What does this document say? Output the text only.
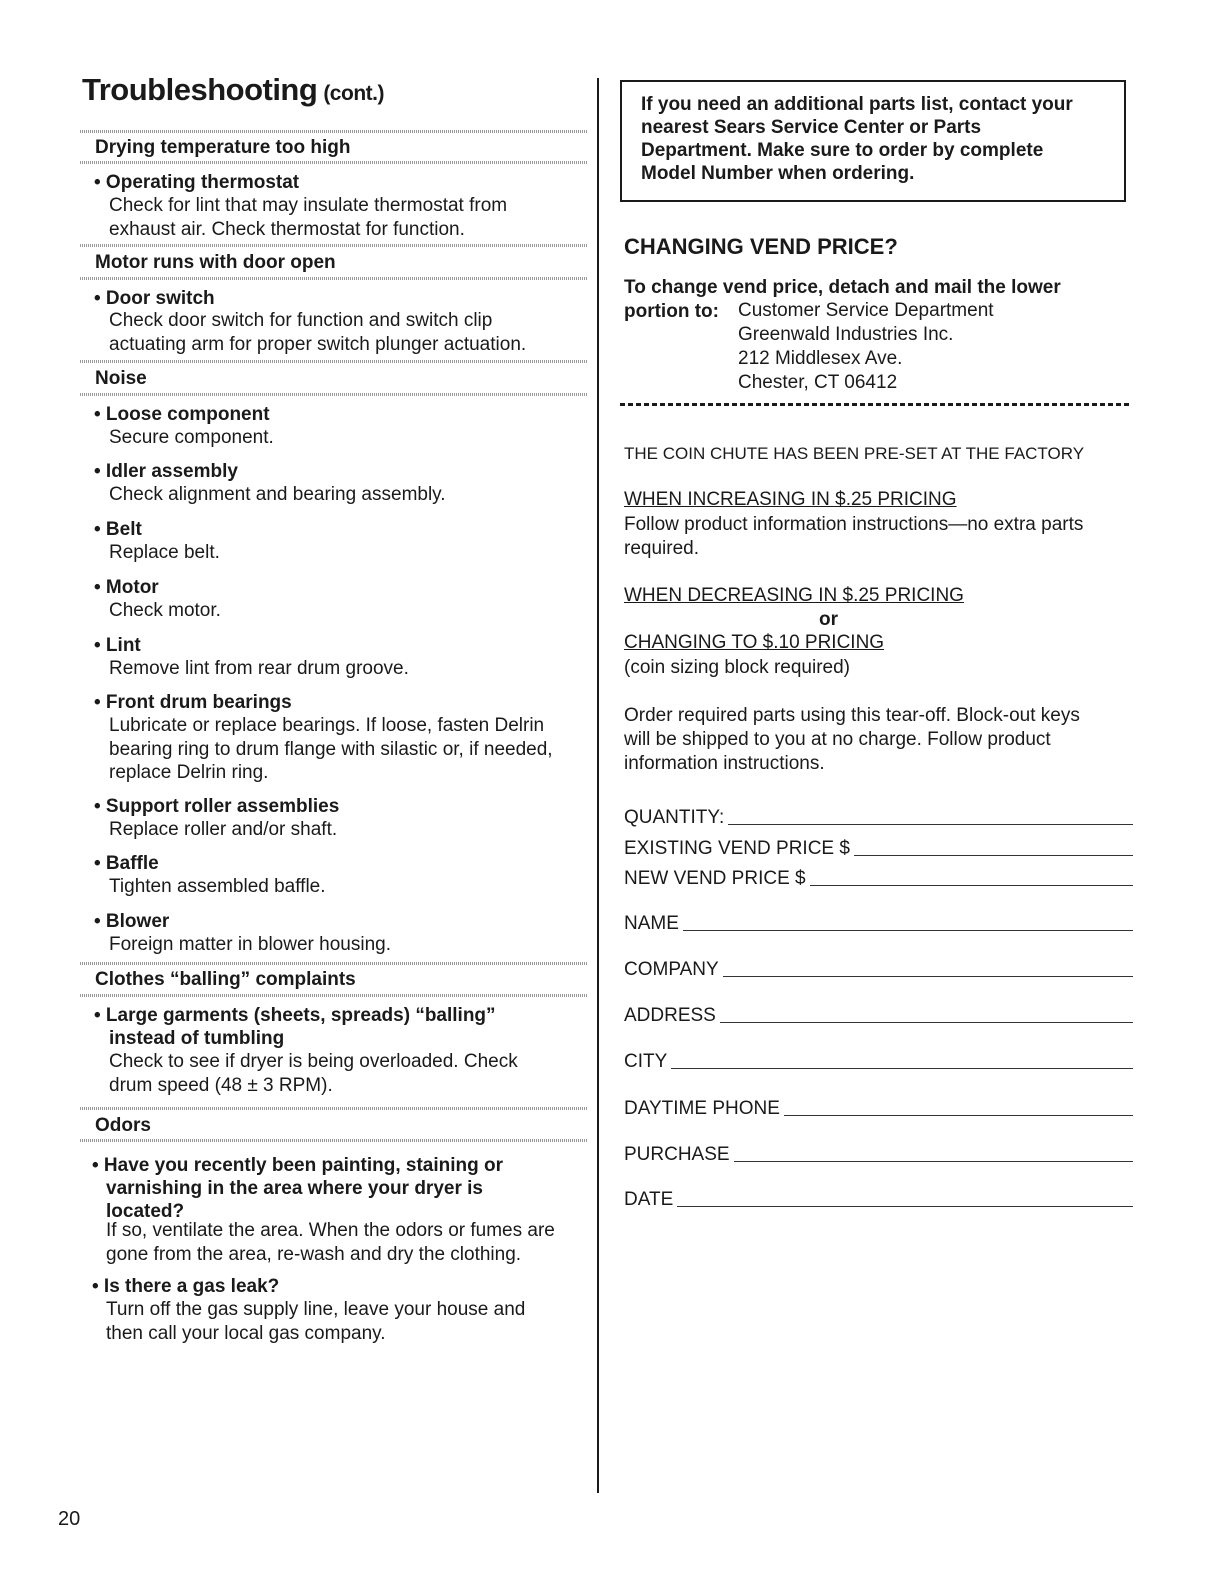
Troubleshooting (cont.)
Drying temperature too high
• Operating thermostat
Check for lint that may insulate thermostat from
exhaust air. Check thermostat for function.
Motor runs with door open
• Door switch
Check door switch for function and switch clip
actuating arm for proper switch plunger actuation.
Noise
• Loose component
Secure component.
• Idler assembly
Check alignment and bearing assembly.
• Belt
Replace belt.
• Motor
Check motor.
• Lint
Remove lint from rear drum groove.
• Front drum bearings
Lubricate or replace bearings. If loose, fasten Delrin
bearing ring to drum flange with silastic or, if needed,
replace Delrin ring.
• Support roller assemblies
Replace roller and/or shaft.
• Baffle
Tighten assembled baffle.
• Blower
Foreign matter in blower housing.
Clothes “balling” complaints
• Large garments (sheets, spreads) “balling”
instead of tumbling
Check to see if dryer is being overloaded. Check
drum speed (48 ± 3 RPM).
Odors
• Have you recently been painting, staining or
varnishing in the area where your dryer is
located?
If so, ventilate the area. When the odors or fumes are
gone from the area, re-wash and dry the clothing.
• Is there a gas leak?
Turn off the gas supply line, leave your house and
then call your local gas company.
20
If you need an additional parts list, contact your
nearest Sears Service Center or Parts
Department. Make sure to order by complete
Model Number when ordering.
CHANGING VEND PRICE?
To change vend price, detach and mail the lower
portion to:	Customer Service Department
Greenwald Industries Inc.
212 Middlesex Ave.
Chester, CT 06412
THE COIN CHUTE HAS BEEN PRE-SET AT THE FACTORY
WHEN INCREASING IN $.25 PRICING
Follow product information instructions—no extra parts
required.
WHEN DECREASING IN $.25 PRICING
or
CHANGING TO $.10 PRICING
(coin sizing block required)
Order required parts using this tear-off. Block-out keys
will be shipped to you at no charge. Follow product
information instructions.
QUANTITY:
EXISTING VEND PRICE $
NEW VEND PRICE $
NAME
COMPANY
ADDRESS
CITY
DAYTIME PHONE
PURCHASE
DATE
